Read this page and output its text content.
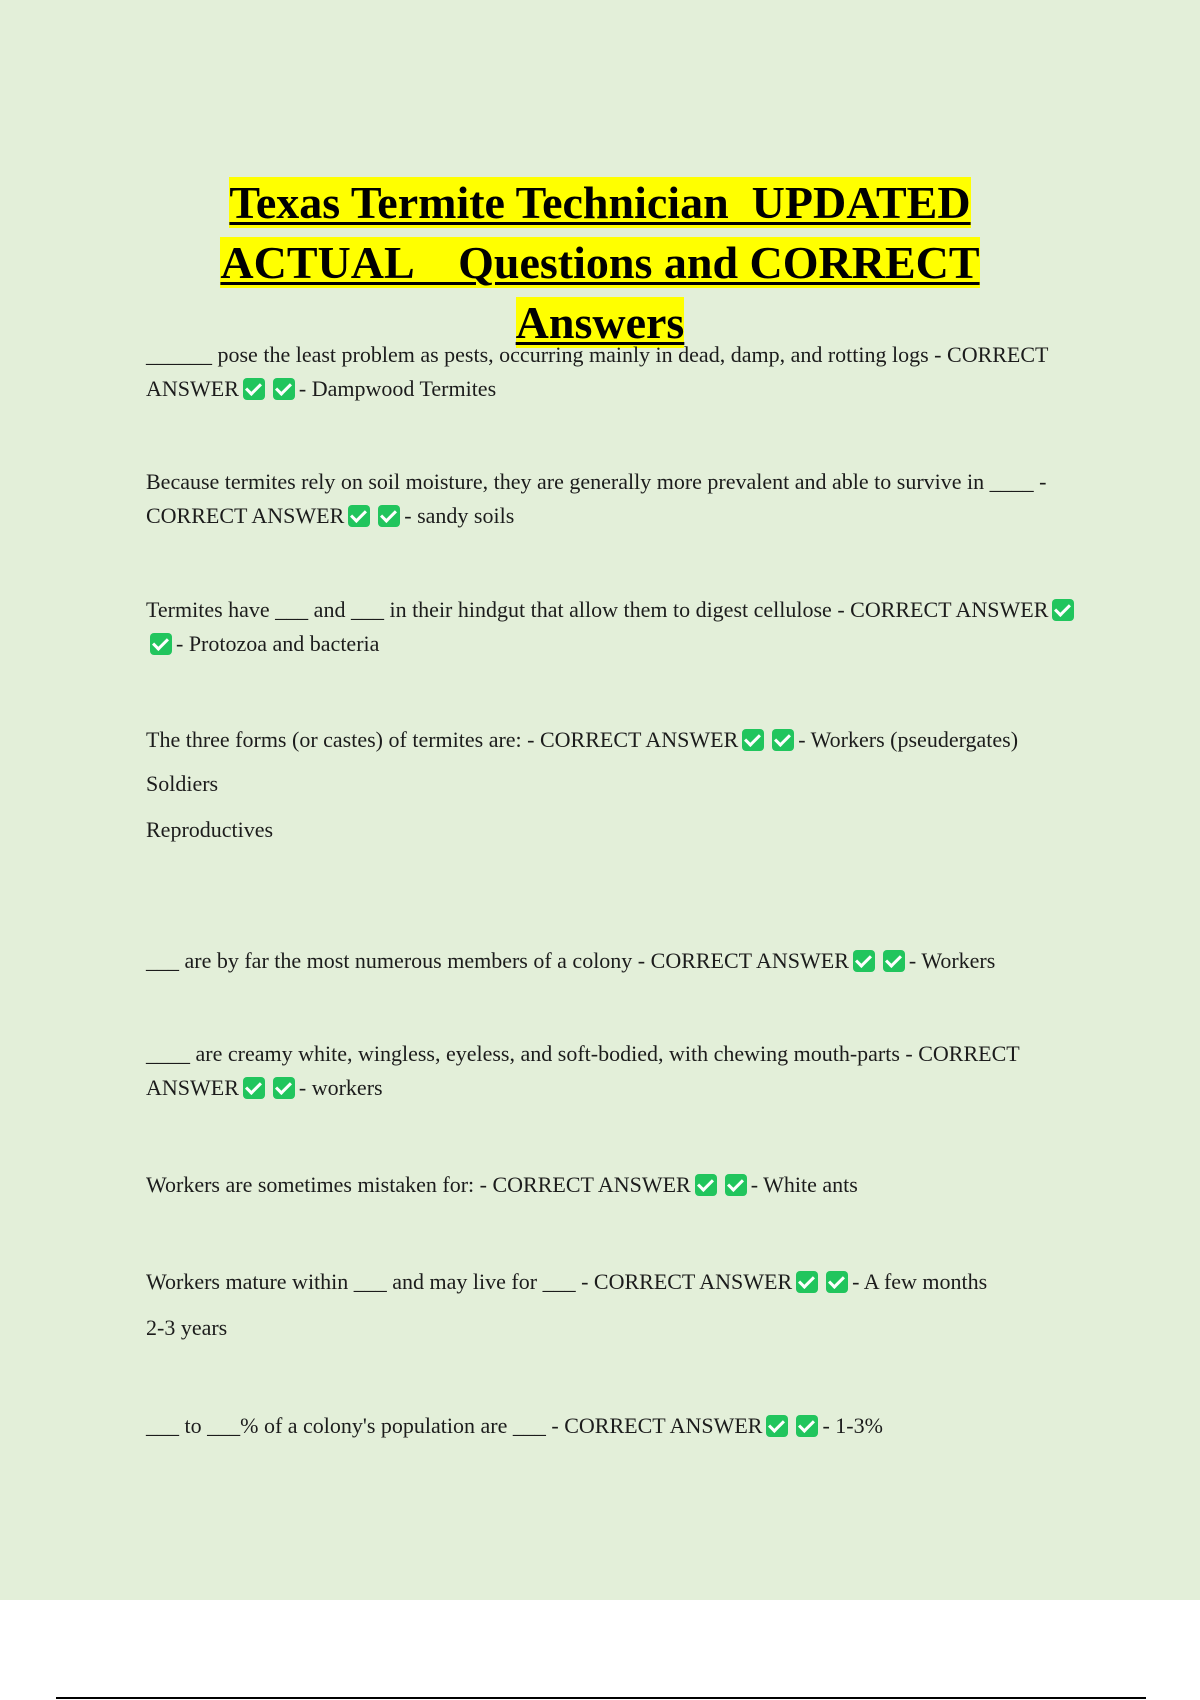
Texas Termite Technician  UPDATED
ACTUAL    Questions and CORRECT
Answers

______ pose the least problem as pests, occurring mainly in dead, damp, and rotting logs - CORRECT ANSWER	- Dampwood Termites

Because termites rely on soil moisture, they are generally more prevalent and able to survive in ____ - CORRECT ANSWER	- sandy soils

Termites have ___ and ___ in their hindgut that allow them to digest cellulose - CORRECT ANSWER- Protozoa and bacteria

The three forms (or castes) of termites are: - CORRECT ANSWER	- Workers (pseudergates)

Soldiers

Reproductives

___ are by far the most numerous members of a colony - CORRECT ANSWER	- Workers

____ are creamy white, wingless, eyeless, and soft-bodied, with chewing mouth-parts - CORRECT ANSWER	- workers

Workers are sometimes mistaken for: - CORRECT ANSWER	- White ants

Workers mature within ___ and may live for ___ - CORRECT ANSWER	- A few months

2-3 years

___ to ___% of a colony's population are ___ - CORRECT ANSWER	- 1-3%
